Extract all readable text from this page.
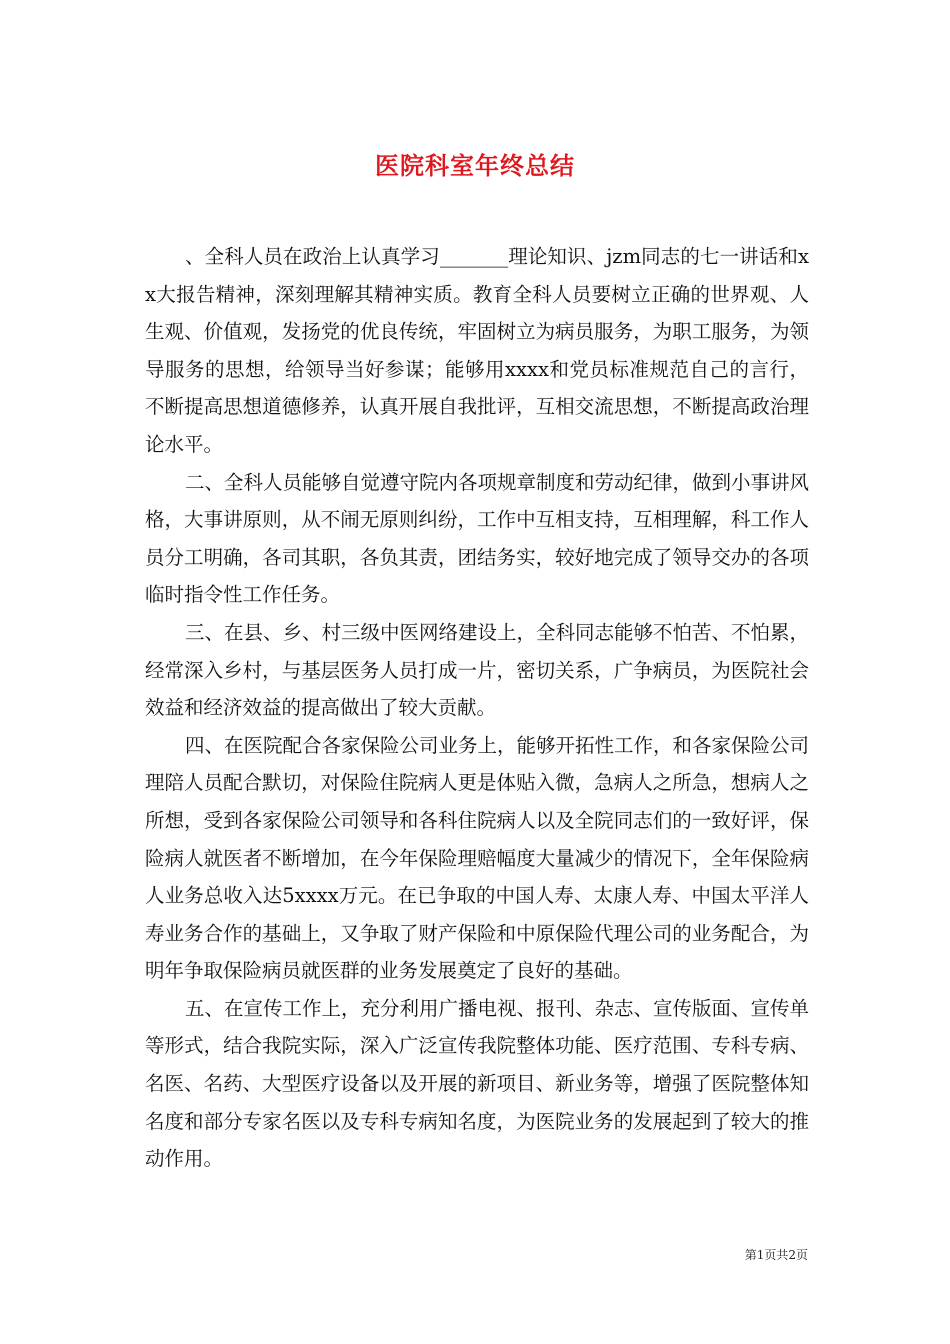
医院科室年终总结

、全科人员在政治上认真学习_______理论知识、jzm同志的七一讲话和xx大报告精神，深刻理解其精神实质。教育全科人员要树立正确的世界观、人生观、价值观，发扬党的优良传统，牢固树立为病员服务，为职工服务，为领导服务的思想，给领导当好参谋；能够用xxxx和党员标准规范自己的言行，不断提高思想道德修养，认真开展自我批评，互相交流思想，不断提高政治理论水平。

二、全科人员能够自觉遵守院内各项规章制度和劳动纪律，做到小事讲风格，大事讲原则，从不闹无原则纠纷，工作中互相支持，互相理解，科工作人员分工明确，各司其职，各负其责，团结务实，较好地完成了领导交办的各项临时指令性工作任务。

三、在县、乡、村三级中医网络建设上，全科同志能够不怕苦、不怕累，经常深入乡村，与基层医务人员打成一片，密切关系，广争病员，为医院社会效益和经济效益的提高做出了较大贡献。

四、在医院配合各家保险公司业务上，能够开拓性工作，和各家保险公司理陪人员配合默切，对保险住院病人更是体贴入微，急病人之所急，想病人之所想，受到各家保险公司领导和各科住院病人以及全院同志们的一致好评，保险病人就医者不断增加，在今年保险理赔幅度大量减少的情况下，全年保险病人业务总收入达5xxxx万元。在已争取的中国人寿、太康人寿、中国太平洋人寿业务合作的基础上，又争取了财产保险和中原保险代理公司的业务配合，为明年争取保险病员就医群的业务发展奠定了良好的基础。

五、在宣传工作上，充分利用广播电视、报刊、杂志、宣传版面、宣传单等形式，结合我院实际，深入广泛宣传我院整体功能、医疗范围、专科专病、名医、名药、大型医疗设备以及开展的新项目、新业务等，增强了医院整体知名度和部分专家名医以及专科专病知名度，为医院业务的发展起到了较大的推动作用。

第1页共2页
